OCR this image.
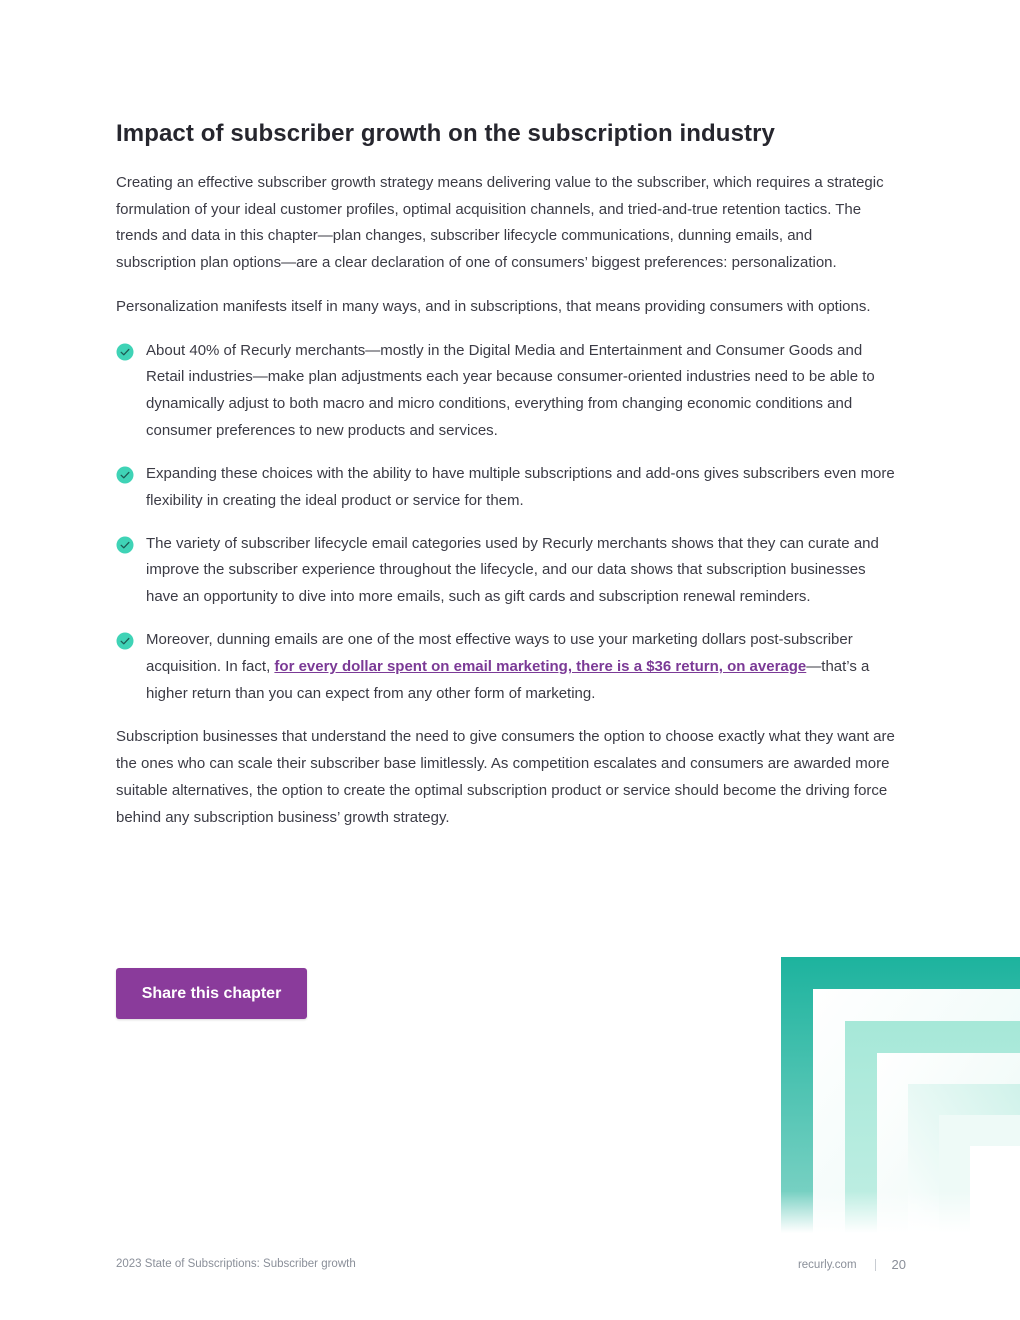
Impact of subscriber growth on the subscription industry

Creating an effective subscriber growth strategy means delivering value to the subscriber, which requires a strategic formulation of your ideal customer profiles, optimal acquisition channels, and tried-and-true retention tactics. The trends and data in this chapter—plan changes, subscriber lifecycle communications, dunning emails, and subscription plan options—are a clear declaration of one of consumers’ biggest preferences: personalization.

Personalization manifests itself in many ways, and in subscriptions, that means providing consumers with options.

About 40% of Recurly merchants—mostly in the Digital Media and Entertainment and Consumer Goods and Retail industries—make plan adjustments each year because consumer-oriented industries need to be able to dynamically adjust to both macro and micro conditions, everything from changing economic conditions and consumer preferences to new products and services.
Expanding these choices with the ability to have multiple subscriptions and add-ons gives subscribers even more flexibility in creating the ideal product or service for them.
The variety of subscriber lifecycle email categories used by Recurly merchants shows that they can curate and improve the subscriber experience throughout the lifecycle, and our data shows that subscription businesses have an opportunity to dive into more emails, such as gift cards and subscription renewal reminders.
Moreover, dunning emails are one of the most effective ways to use your marketing dollars post-subscriber acquisition. In fact, for every dollar spent on email marketing, there is a $36 return, on average—that’s a higher return than you can expect from any other form of marketing.

Subscription businesses that understand the need to give consumers the option to choose exactly what they want are the ones who can scale their subscriber base limitlessly. As competition escalates and consumers are awarded more suitable alternatives, the option to create the optimal subscription product or service should become the driving force behind any subscription business’ growth strategy.

Share this chapter
2023 State of Subscriptions: Subscriber growth	recurly.com	20
